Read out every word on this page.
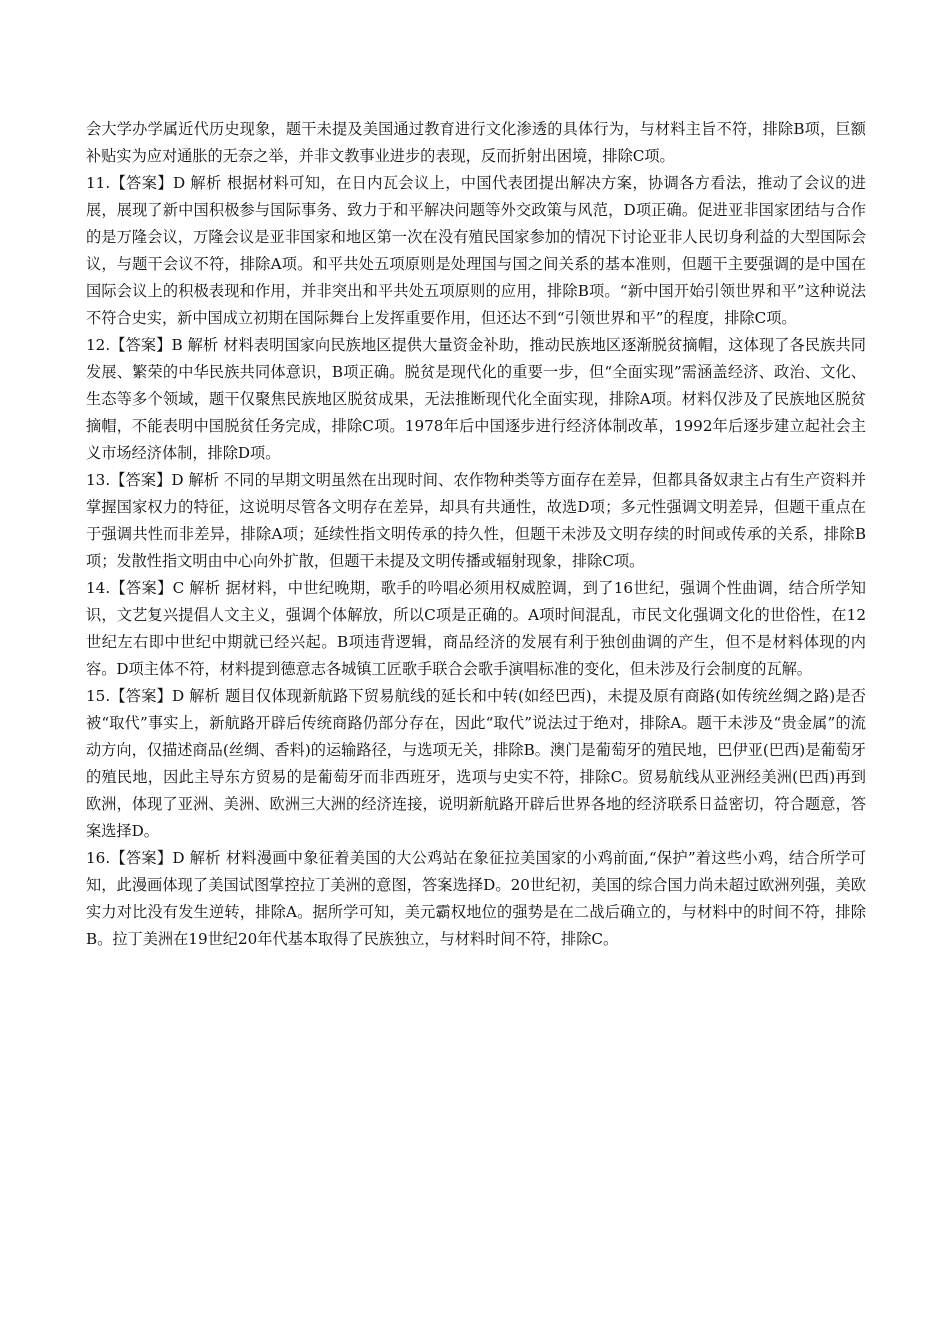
会大学办学属近代历史现象，题干未提及美国通过教育进行文化渗透的具体行为，与材料主旨不符，排除B项，巨额补贴实为应对通胀的无奈之举，并非文教事业进步的表现，反而折射出困境，排除C项。

11.【答案】D 解析 根据材料可知，在日内瓦会议上，中国代表团提出解决方案，协调各方看法，推动了会议的进展，展现了新中国积极参与国际事务、致力于和平解决问题等外交政策与风范，D项正确。促进亚非国家团结与合作的是万隆会议，万隆会议是亚非国家和地区第一次在没有殖民国家参加的情况下讨论亚非人民切身利益的大型国际会议，与题干会议不符，排除A项。和平共处五项原则是处理国与国之间关系的基本准则，但题干主要强调的是中国在国际会议上的积极表现和作用，并非突出和平共处五项原则的应用，排除B项。“新中国开始引领世界和平”这种说法不符合史实，新中国成立初期在国际舞台上发挥重要作用，但还达不到“引领世界和平”的程度，排除C项。

12.【答案】B 解析 材料表明国家向民族地区提供大量资金补助，推动民族地区逐渐脱贫摘帽，这体现了各民族共同发展、繁荣的中华民族共同体意识，B项正确。脱贫是现代化的重要一步，但“全面实现”需涵盖经济、政治、文化、生态等多个领域，题干仅聚焦民族地区脱贫成果，无法推断现代化全面实现，排除A项。材料仅涉及了民族地区脱贫摘帽，不能表明中国脱贫任务完成，排除C项。1978年后中国逐步进行经济体制改革，1992年后逐步建立起社会主义市场经济体制，排除D项。

13.【答案】D 解析 不同的早期文明虽然在出现时间、农作物种类等方面存在差异，但都具备奴隶主占有生产资料并掌握国家权力的特征，这说明尽管各文明存在差异，却具有共通性，故选D项；多元性强调文明差异，但题干重点在于强调共性而非差异，排除A项；延续性指文明传承的持久性，但题干未涉及文明存续的时间或传承的关系，排除B项；发散性指文明由中心向外扩散，但题干未提及文明传播或辐射现象，排除C项。

14.【答案】C 解析 据材料，中世纪晚期，歌手的吟唱必须用权威腔调，到了16世纪，强调个性曲调，结合所学知识，文艺复兴提倡人文主义，强调个体解放，所以C项是正确的。A项时间混乱，市民文化强调文化的世俗性，在12世纪左右即中世纪中期就已经兴起。B项违背逻辑，商品经济的发展有利于独创曲调的产生，但不是材料体现的内容。D项主体不符，材料提到德意志各城镇工匠歌手联合会歌手演唱标准的变化，但未涉及行会制度的瓦解。

15.【答案】D 解析 题目仅体现新航路下贸易航线的延长和中转(如经巴西)，未提及原有商路(如传统丝绸之路)是否被“取代”事实上，新航路开辟后传统商路仍部分存在，因此“取代”说法过于绝对，排除A。题干未涉及“贵金属”的流动方向，仅描述商品(丝绸、香料)的运输路径，与选项无关，排除B。澳门是葡萄牙的殖民地，巴伊亚(巴西)是葡萄牙的殖民地，因此主导东方贸易的是葡萄牙而非西班牙，选项与史实不符，排除C。贸易航线从亚洲经美洲(巴西)再到欧洲，体现了亚洲、美洲、欧洲三大洲的经济连接，说明新航路开辟后世界各地的经济联系日益密切，符合题意，答案选择D。

16.【答案】D 解析 材料漫画中象征着美国的大公鸡站在象征拉美国家的小鸡前面,“保护”着这些小鸡，结合所学可知，此漫画体现了美国试图掌控拉丁美洲的意图，答案选择D。20世纪初，美国的综合国力尚未超过欧洲列强，美欧实力对比没有发生逆转，排除A。据所学可知，美元霸权地位的强势是在二战后确立的，与材料中的时间不符，排除B。拉丁美洲在19世纪20年代基本取得了民族独立，与材料时间不符，排除C。
